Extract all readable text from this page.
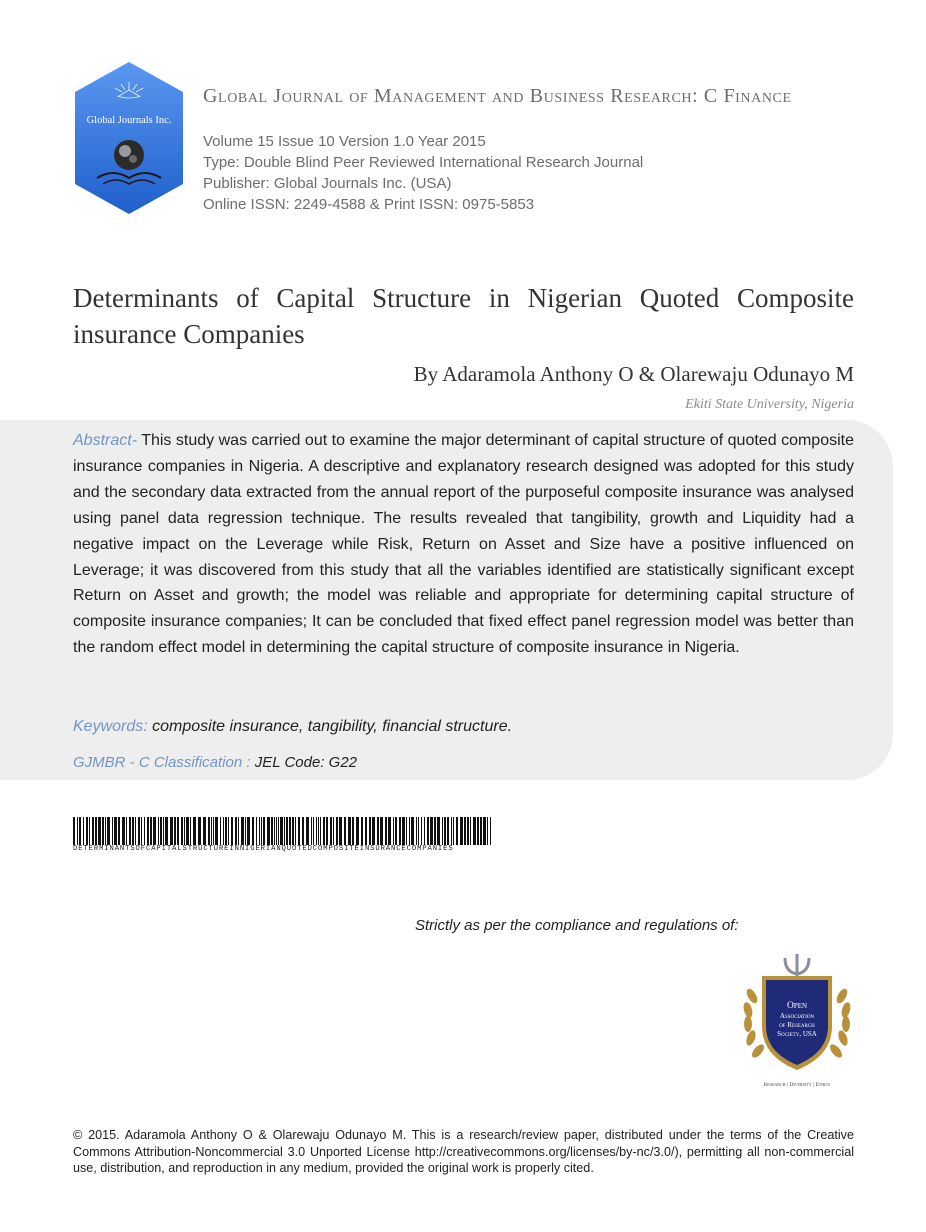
Global Journals Inc.
Global Journal of Management and Business Research: C Finance
Volume 15 Issue 10 Version 1.0 Year 2015
Type: Double Blind Peer Reviewed International Research Journal
Publisher: Global Journals Inc. (USA)
Online ISSN: 2249-4588 & Print ISSN: 0975-5853
Determinants of Capital Structure in Nigerian Quoted Composite insurance Companies
By Adaramola Anthony O & Olarewaju Odunayo M
Ekiti State University, Nigeria

Abstract- This study was carried out to examine the major determinant of capital structure of quoted composite insurance companies in Nigeria. A descriptive and explanatory research designed was adopted for this study and the secondary data extracted from the annual report of the purposeful composite insurance was analysed using panel data regression technique. The results revealed that tangibility, growth and Liquidity had a negative impact on the Leverage while Risk, Return on Asset and Size have a positive influenced on Leverage; it was discovered from this study that all the variables identified are statistically significant except Return on Asset and growth; the model was reliable and appropriate for determining capital structure of composite insurance companies; It can be concluded that fixed effect panel regression model was better than the random effect model in determining the capital structure of composite insurance in Nigeria.

Keywords: composite insurance, tangibility, financial structure.

GJMBR - C Classification : JEL Code: G22

DETERMINANTSOFCAPITALSTRUCTUREINNIGERIANQUOTEDCOMPOSITEINSURANCECOMPANIES
Strictly as per the compliance and regulations of:
Open
Association
of Research
Society, USA
Research | Diversity | Ethics

© 2015. Adaramola Anthony O & Olarewaju Odunayo M. This is a research/review paper, distributed under the terms of the Creative Commons Attribution-Noncommercial 3.0 Unported License http://creativecommons.org/licenses/by-nc/3.0/), permitting all non-commercial use, distribution, and reproduction in any medium, provided the original work is properly cited.
